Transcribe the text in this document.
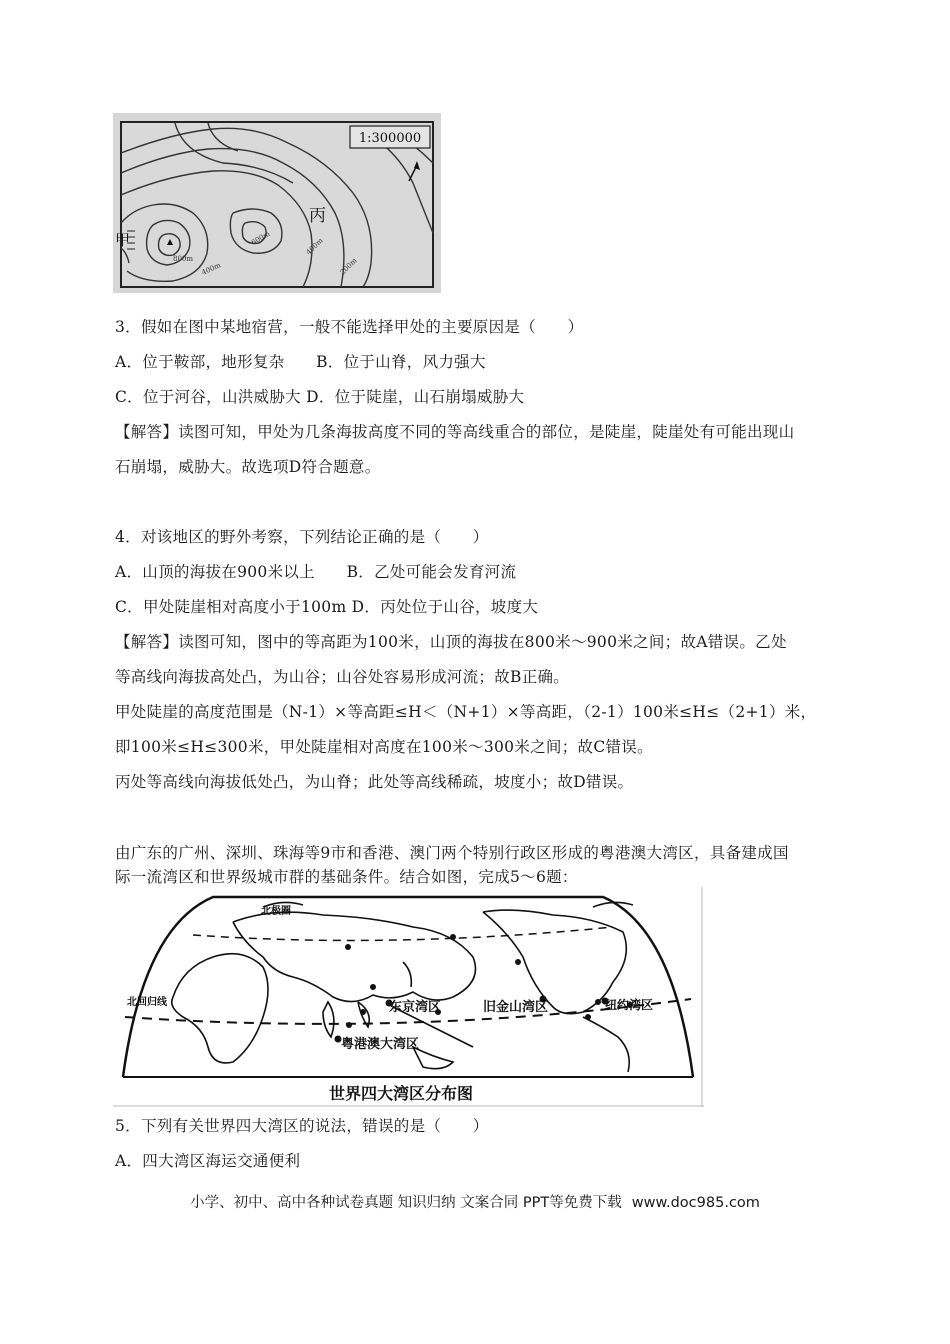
1:300000
甲
丙
800m
600m
400m
400m
200m
3．假如在图中某地宿营，一般不能选择甲处的主要原因是（　　）
A．位于鞍部，地形复杂　　B．位于山脊，风力强大
C．位于河谷，山洪威胁大 D．位于陡崖，山石崩塌威胁大
【解答】读图可知，甲处为几条海拔高度不同的等高线重合的部位，是陡崖，陡崖处有可能出现山
石崩塌，威胁大。故选项D符合题意。
4．对该地区的野外考察，下列结论正确的是（　　）
A．山顶的海拔在900米以上　　B．乙处可能会发育河流
C．甲处陡崖相对高度小于100m D．丙处位于山谷，坡度大
【解答】读图可知，图中的等高距为100米，山顶的海拔在800米～900米之间；故A错误。乙处
等高线向海拔高处凸，为山谷；山谷处容易形成河流；故B正确。
甲处陡崖的高度范围是（N-1）×等高距≤H＜（N+1）×等高距，（2-1）100米≤H≤（2+1）米，
即100米≤H≤300米，甲处陡崖相对高度在100米～300米之间；故C错误。
丙处等高线向海拔低处凸，为山脊；此处等高线稀疏，坡度小；故D错误。
由广东的广州、深圳、珠海等9市和香港、澳门两个特别行政区形成的粤港澳大湾区，具备建成国
际一流湾区和世界级城市群的基础条件。结合如图，完成5～6题：
北极圈
北回归线	东京湾区	旧金山湾区	纽约湾区
粤港澳大湾区
世界四大湾区分布图
5．下列有关世界四大湾区的说法，错误的是（　　）
A．四大湾区海运交通便利
小学、初中、高中各种试卷真题 知识归纳 文案合同 PPT等免费下载 www.doc985.com
